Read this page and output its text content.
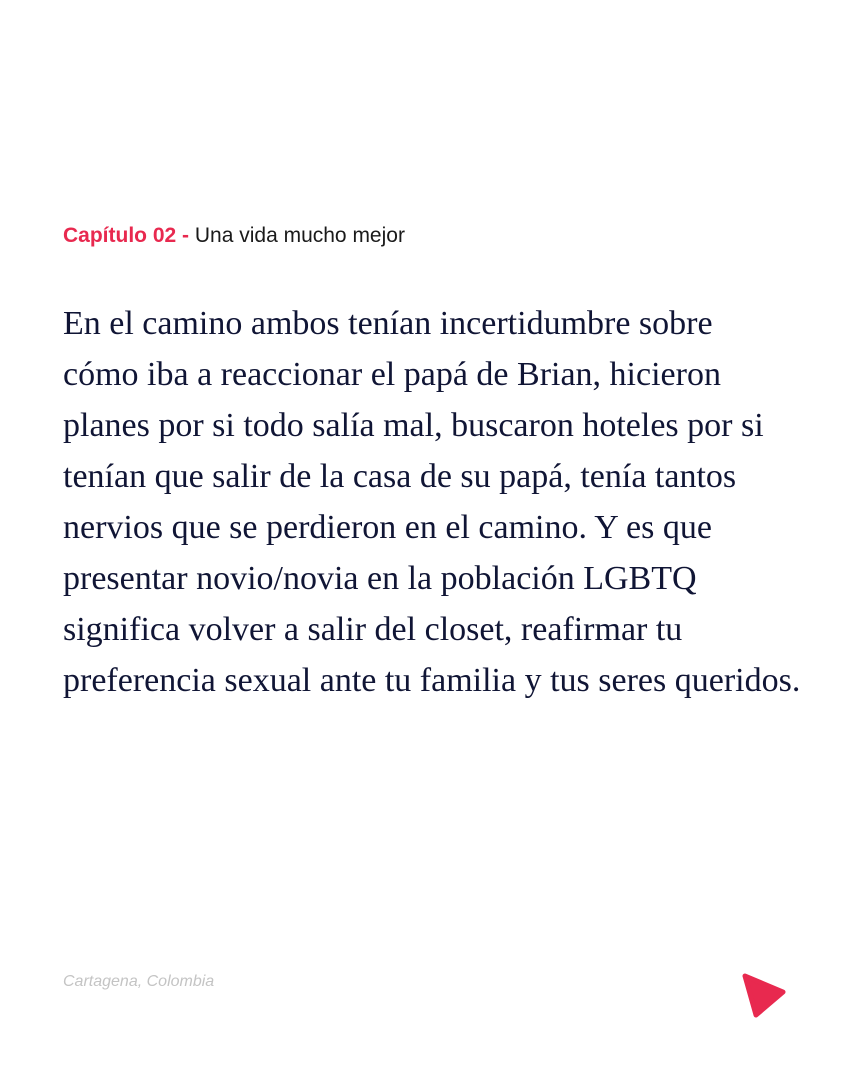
Capítulo 02 - Una vida mucho mejor

En el camino ambos tenían incertidumbre sobre
cómo iba a reaccionar el papá de Brian, hicieron
planes por si todo salía mal, buscaron hoteles por si
tenían que salir de la casa de su papá, tenía tantos
nervios que se perdieron en el camino. Y es que
presentar novio/novia en la población LGBTQ
significa volver a salir del closet, reafirmar tu
preferencia sexual ante tu familia y tus seres queridos.

Cartagena, Colombia
